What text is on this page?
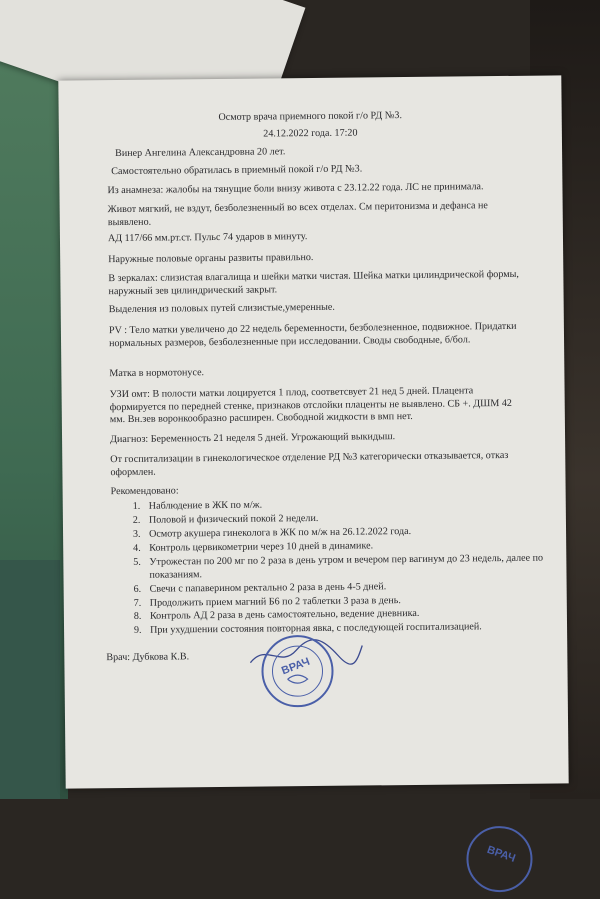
Осмотр врача приемного покой г/о РД №3.
24.12.2022 года. 17:20
Винер Ангелина Александровна 20 лет.
Самостоятельно обратилась в приемный покой г/о РД №3.
Из анамнеза: жалобы на тянущие боли внизу живота с 23.12.22 года. ЛС не принимала.
Живот мягкий, не вздут, безболезненный во всех отделах. См перитонизма и дефанса не выявлено.
АД 117/66 мм.рт.ст. Пульс 74 ударов в минуту.
Наружные половые органы развиты правильно.
В зеркалах: слизистая влагалища и шейки матки чистая. Шейка матки цилиндрической формы, наружный зев цилиндрический закрыт.
Выделения из половых путей слизистые,умеренные.
PV : Тело матки увеличено до 22 недель беременности, безболезненное, подвижное. Придатки нормальных размеров, безболезненные при исследовании. Своды свободные, б/бол.
Матка в нормотонусе.
УЗИ омт: В полости матки лоцируется 1 плод, соответсвует 21 нед 5 дней. Плацента формируется по передней стенке, признаков отслойки плаценты не выявлено. СБ +. ДШМ 42 мм. Вн.зев воронкообразно расширен. Свободной жидкости в вмп нет.
Диагноз: Беременность 21 неделя 5 дней. Угрожающий выкидыш.
От госпитализации в гинекологическое отделение РД №3 категорически отказывается, отказ оформлен.
Рекомендовано:
1. Наблюдение в ЖК по м/ж.
2. Половой и физический покой 2 недели.
3. Осмотр акушера гинеколога в ЖК по м/ж на 26.12.2022 года.
4. Контроль цервикометрии через 10 дней в динамике.
5. Утрожестан по 200 мг по 2 раза в день утром и вечером пер вагинум до 23 недель, далее по показаниям.
6. Свечи с папаверином ректально 2 раза в день 4-5 дней.
7. Продолжить прием магний Б6 по 2 таблетки 3 раза в день.
8. Контроль АД 2 раза в день самостоятельно, ведение дневника.
9. При ухудшении состояния повторная явка, с последующей госпитализацией.
Врач: Дубкова К.В.	ВРАЧ
ВРАЧ
